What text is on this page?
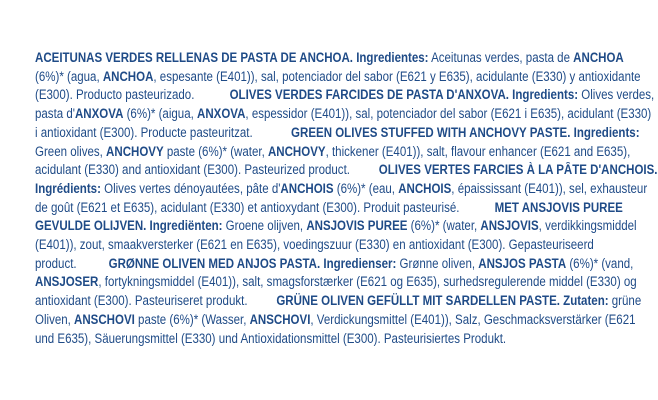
ACEITUNAS VERDES RELLENAS DE PASTA DE ANCHOA. Ingredientes: Aceitunas verdes, pasta de ANCHOA
(6%)* (agua, ANCHOA, espesante (E401)), sal, potenciador del sabor (E621 y E635), acidulante (E330) y antioxidante
(E300). Producto pasteurizado.           OLIVES VERDES FARCIDES DE PASTA D'ANXOVA. Ingredients: Olives verdes,
pasta d'ANXOVA (6%)* (aigua, ANXOVA, espessidor (E401)), sal, potenciador del sabor (E621 i E635), acidulant (E330)
i antioxidant (E300). Producte pasteuritzat.            GREEN OLIVES STUFFED WITH ANCHOVY PASTE. Ingredients:
Green olives, ANCHOVY paste (6%)* (water, ANCHOVY, thickener (E401)), salt, flavour enhancer (E621 and E635),
acidulant (E330) and antioxidant (E300). Pasteurized product.         OLIVES VERTES FARCIES À LA PÂTE D'ANCHOIS.
Ingrédients: Olives vertes dénoyautées, pâte d'ANCHOIS (6%)* (eau, ANCHOIS, épaississant (E401)), sel, exhausteur
de goût (E621 et E635), acidulant (E330) et antioxydant (E300). Produit pasteurisé.           MET ANSJOVIS PUREE
GEVULDE OLIJVEN. Ingrediënten: Groene olijven, ANSJOVIS PUREE (6%)* (water, ANSJOVIS, verdikkingsmiddel
(E401)), zout, smaakversterker (E621 en E635), voedingszuur (E330) en antioxidant (E300). Gepasteuriseerd
product.          GRØNNE OLIVEN MED ANJOS PASTA. Ingredienser: Grønne oliven, ANSJOS PASTA (6%)* (vand,
ANSJOSER, fortykningsmiddel (E401)), salt, smagsforstærker (E621 og E635), surhedsregulerende middel (E330) og
antioxidant (E300). Pasteuriseret produkt.         GRÜNE OLIVEN GEFÜLLT MIT SARDELLEN PASTE. Zutaten: grüne
Oliven, ANSCHOVI paste (6%)* (Wasser, ANSCHOVI, Verdickungsmittel (E401)), Salz, Geschmacksverstärker (E621
und E635), Säuerungsmittel (E330) und Antioxidationsmittel (E300). Pasteurisiertes Produkt.
